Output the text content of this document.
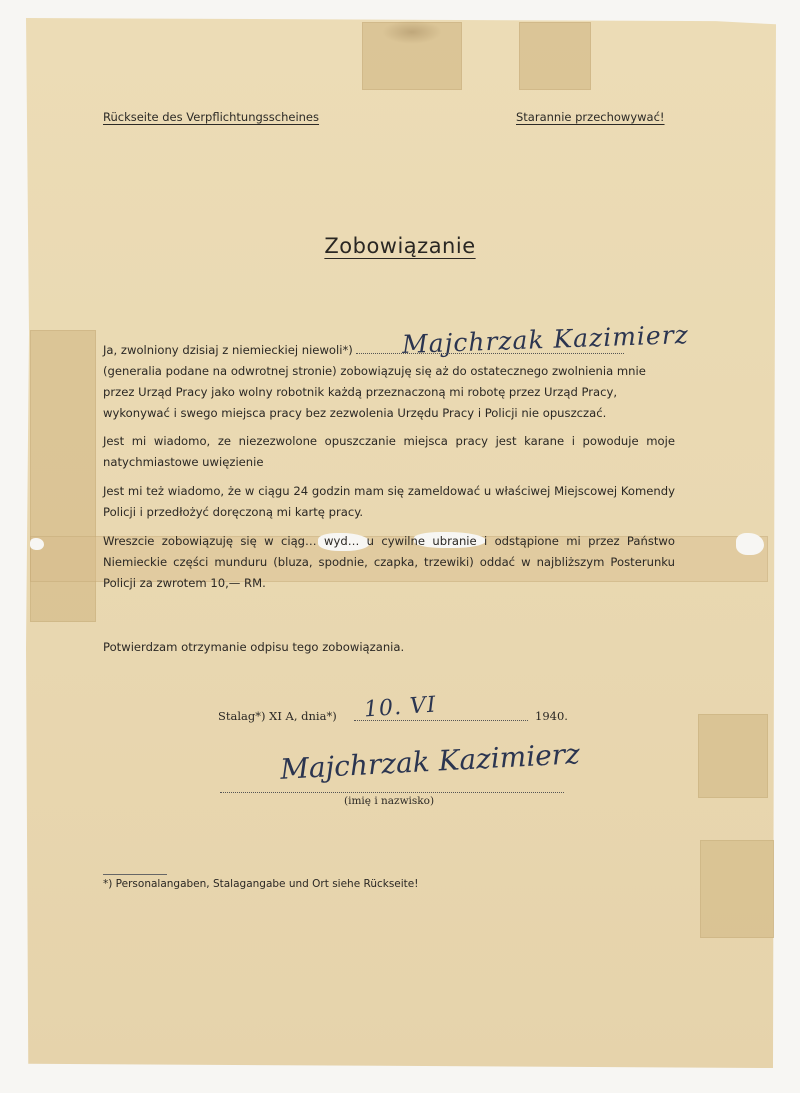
Rückseite des Verpflichtungsscheines	Starannie przechowywać!
Zobowiązanie
Ja, zwolniony dzisiaj z niemieckiej niewoli*)
(generalia podane na odwrotnej stronie) zobowiązuję się aż do ostatecznego zwolnienia mnie
przez Urząd Pracy jako wolny robotnik każdą przeznaczoną mi robotę przez Urząd Pracy,
wykonywać i swego miejsca pracy bez zezwolenia Urzędu Pracy i Policji nie opuszczać.
Majchrzak Kazimierz
Jest mi wiadomo, ze niezezwolone opuszczanie miejsca pracy jest karane i powoduje moje natychmiastowe uwięzienie
Jest mi też wiadomo, że w ciągu 24 godzin mam się zameldować u właściwej Miejscowej Komendy Policji i przedłożyć doręczoną mi kartę pracy.
Wreszcie zobowiązuję się w ciąg… wyd… u cywilne ubranie i odstąpione mi przez Państwo Niemieckie części munduru (bluza, spodnie, czapka, trzewiki) oddać w najbliższym Posterunku Policji za zwrotem 10,— RM.
Potwierdzam otrzymanie odpisu tego zobowiązania.
Stalag*) XI A, dnia*) 10. VI	1940.
Majchrzak Kazimierz
(imię i nazwisko)
*) Personalangaben, Stalagangabe und Ort siehe Rückseite!
